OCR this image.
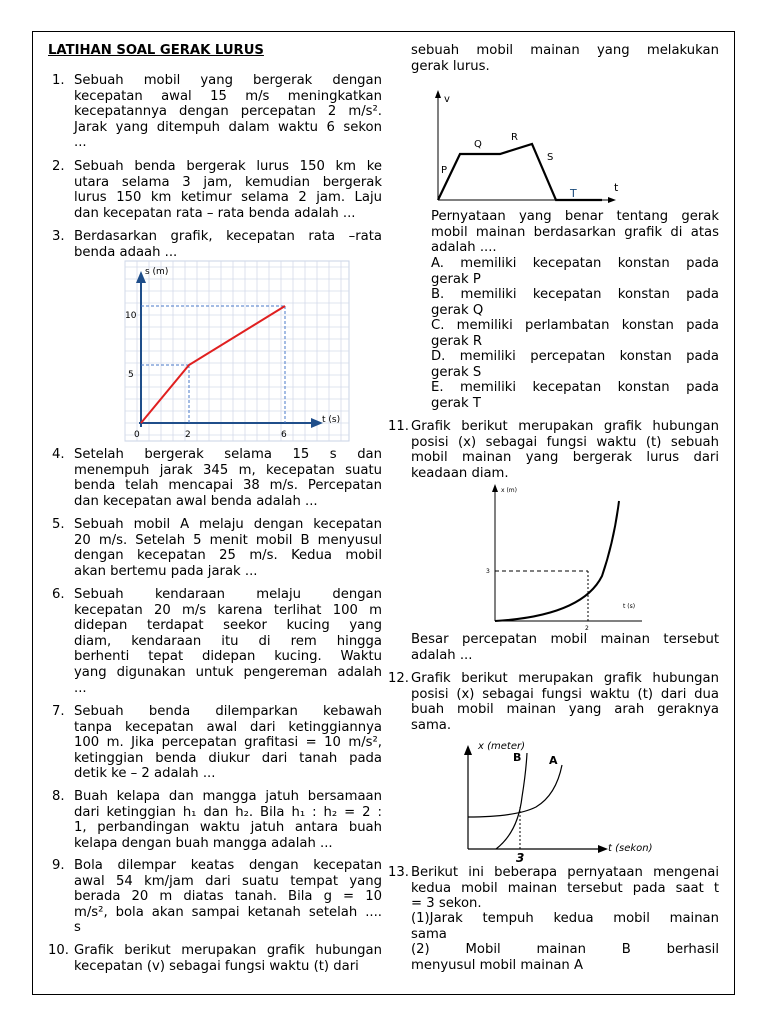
LATIHAN SOAL GERAK LURUS
1. Sebuah mobil yang bergerak dengan
kecepatan awal 15 m/s meningkatkan
kecepatannya dengan percepatan 2 m/s².
Jarak yang ditempuh dalam waktu 6 sekon
...
2. Sebuah benda bergerak lurus 150 km ke
utara selama 3 jam, kemudian bergerak
lurus 150 km ketimur selama 2 jam. Laju
dan kecepatan rata – rata benda adalah ...
3. Berdasarkan grafik, kecepatan rata –rata
benda adaah ...
s (m)
t (s)
10
5
0	2	6
4. Setelah bergerak selama 15 s dan
menempuh jarak 345 m, kecepatan suatu
benda telah mencapai 38 m/s. Percepatan
dan kecepatan awal benda adalah ...
5. Sebuah mobil A melaju dengan kecepatan
20 m/s. Setelah 5 menit mobil B menyusul
dengan kecepatan 25 m/s. Kedua mobil
akan bertemu pada jarak ...
6. Sebuah kendaraan melaju dengan
kecepatan 20 m/s karena terlihat 100 m
didepan terdapat seekor kucing yang
diam, kendaraan itu di rem hingga
berhenti tepat didepan kucing. Waktu
yang digunakan untuk pengereman adalah
...
7. Sebuah benda dilemparkan kebawah
tanpa kecepatan awal dari ketinggiannya
100 m. Jika percepatan grafitasi = 10 m/s²,
ketinggian benda diukur dari tanah pada
detik ke – 2 adalah ...
8. Buah kelapa dan mangga jatuh bersamaan
dari ketinggian h₁ dan h₂. Bila h₁ : h₂ = 2 :
1, perbandingan waktu jatuh antara buah
kelapa dengan buah mangga adalah ...
9. Bola dilempar keatas dengan kecepatan
awal 54 km/jam dari suatu tempat yang
berada 20 m diatas tanah. Bila g = 10
m/s², bola akan sampai ketanah setelah ....
s
10. Grafik berikut merupakan grafik hubungan
kecepatan (v) sebagai fungsi waktu (t) dari
sebuah mobil mainan yang melakukan
gerak lurus.
v
t
P
Q
R
S
T
Pernyataan yang benar tentang gerak
mobil mainan berdasarkan grafik di atas
adalah ....
A. memiliki kecepatan konstan pada
gerak P
B. memiliki kecepatan konstan pada
gerak Q
C. memiliki perlambatan konstan pada
gerak R
D. memiliki percepatan konstan pada
gerak S
E. memiliki kecepatan konstan pada
gerak T
11. Grafik berikut merupakan grafik hubungan
posisi (x) sebagai fungsi waktu (t) sebuah
mobil mainan yang bergerak lurus dari
keadaan diam.
x (m)
t (s)
3
2
Besar percepatan mobil mainan tersebut
adalah ...
12. Grafik berikut merupakan grafik hubungan
posisi (x) sebagai fungsi waktu (t) dari dua
buah mobil mainan yang arah geraknya
sama.
x (meter)
B	A
t (sekon)
3
13. Berikut ini beberapa pernyataan mengenai
kedua mobil mainan tersebut pada saat t
= 3 sekon.
(1)Jarak tempuh kedua mobil mainan
sama
(2) Mobil mainan B berhasil
menyusul mobil mainan A
